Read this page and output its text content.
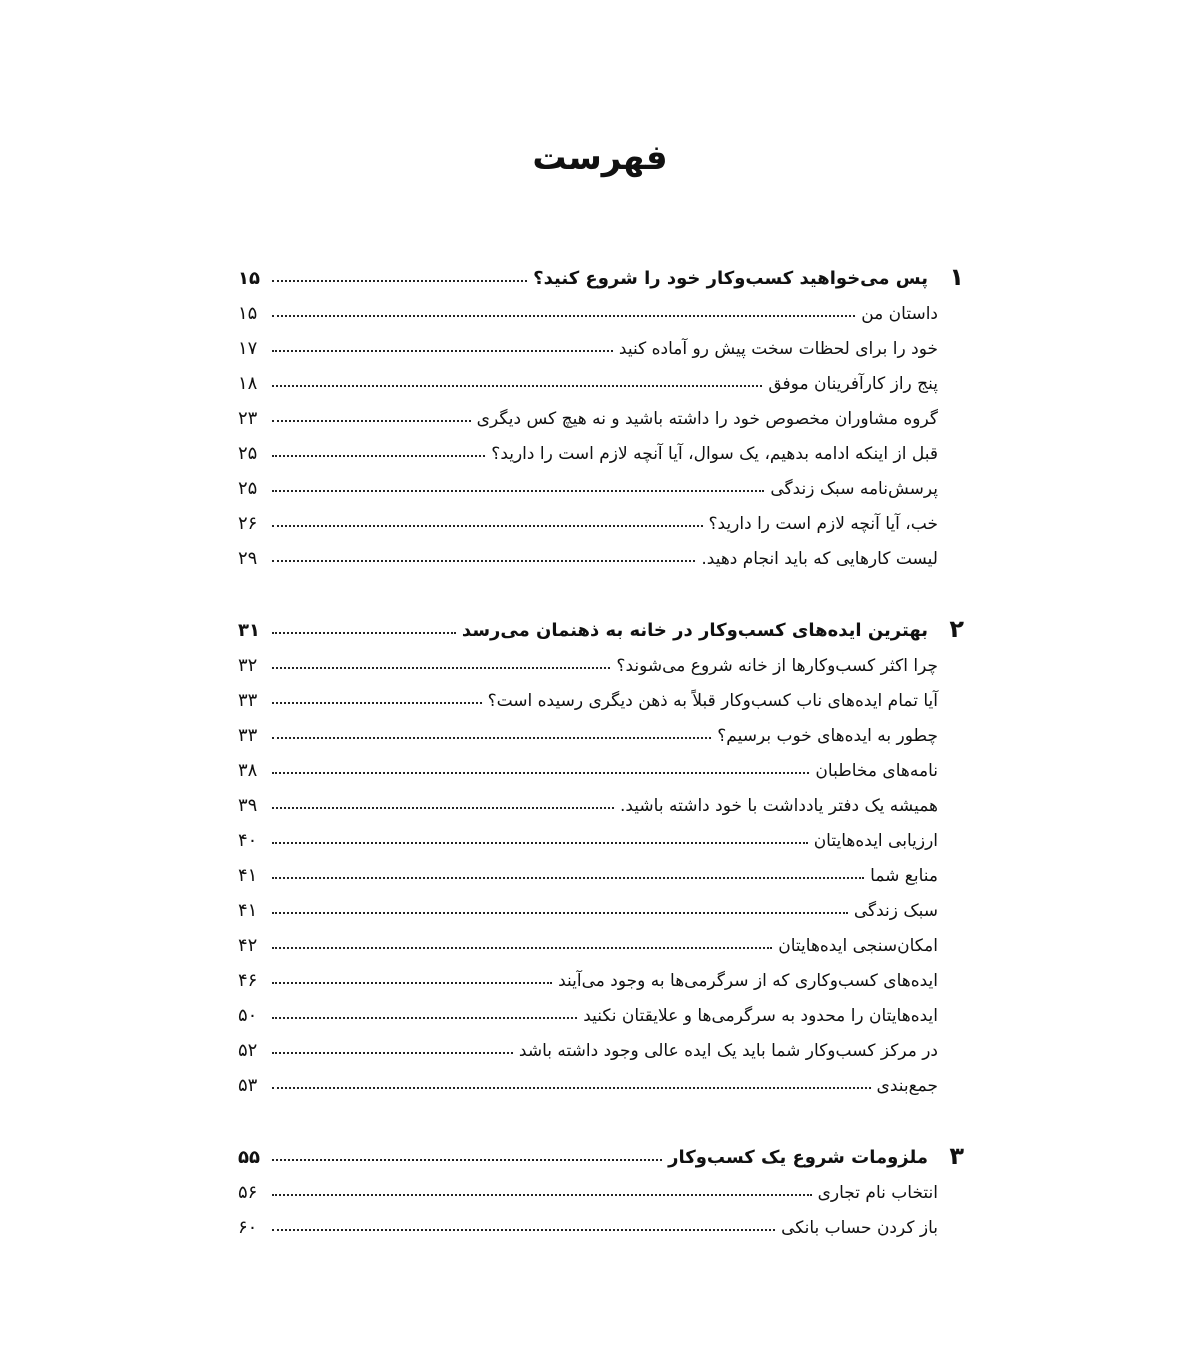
فهرست
۱۵	پس می‌خواهید کسب‌وکار خود را شروع کنید؟ ۱
۱۵	داستان من
۱۷	خود را برای لحظات سخت پیش رو آماده کنید
۱۸	پنج راز کارآفرینان موفق
۲۳	گروه مشاوران مخصوص خود را داشته باشید و نه هیچ کس دیگری
۲۵	قبل از اینکه ادامه بدهیم، یک سوال، آیا آنچه لازم است را دارید؟
۲۵	پرسش‌نامه سبک زندگی
۲۶	خب، آیا آنچه لازم است را دارید؟
۲۹	لیست کارهایی که باید انجام دهید.
۳۱	بهترین ایده‌های کسب‌وکار در خانه به ذهنمان می‌رسد ۲
۳۲	چرا اکثر کسب‌وکارها از خانه شروع می‌شوند؟
۳۳	آیا تمام ایده‌های ناب کسب‌وکار قبلاً به ذهن دیگری رسیده است؟
۳۳	چطور به ایده‌های خوب برسیم؟
۳۸	نامه‌های مخاطبان
۳۹	همیشه یک دفتر یادداشت با خود داشته باشید.
۴۰	ارزیابی ایده‌هایتان
۴۱	منابع شما
۴۱	سبک زندگی
۴۲	امکان‌سنجی ایده‌هایتان
۴۶	ایده‌های کسب‌وکاری که از سرگرمی‌ها به وجود می‌آیند
۵۰	ایده‌هایتان را محدود به سرگرمی‌ها و علایقتان نکنید
۵۲	در مرکز کسب‌وکار شما باید یک ایده عالی وجود داشته باشد
۵۳	جمع‌بندی
۵۵	ملزومات شروع یک کسب‌وکار ۳
۵۶	انتخاب نام تجاری
۶۰	باز کردن حساب بانکی
